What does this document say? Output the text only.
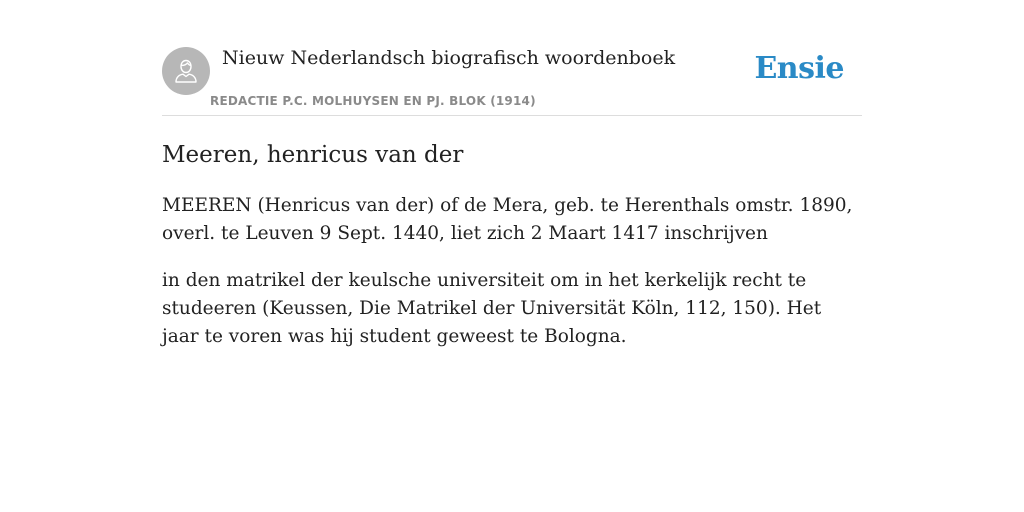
Nieuw Nederlandsch biografisch woordenboek
REDACTIE P.C. MOLHUYSEN EN PJ. BLOK (1914)
Ensie
Meeren, henricus van der

MEEREN (Henricus van der) of de Mera, geb. te Herenthals omstr. 1890, overl. te Leuven 9 Sept. 1440, liet zich 2 Maart 1417 inschrijven

in den matrikel der keulsche universiteit om in het kerkelijk recht te studeeren (Keussen, Die Matrikel der Universität Köln, 112, 150). Het jaar te voren was hij student geweest te Bologna.
